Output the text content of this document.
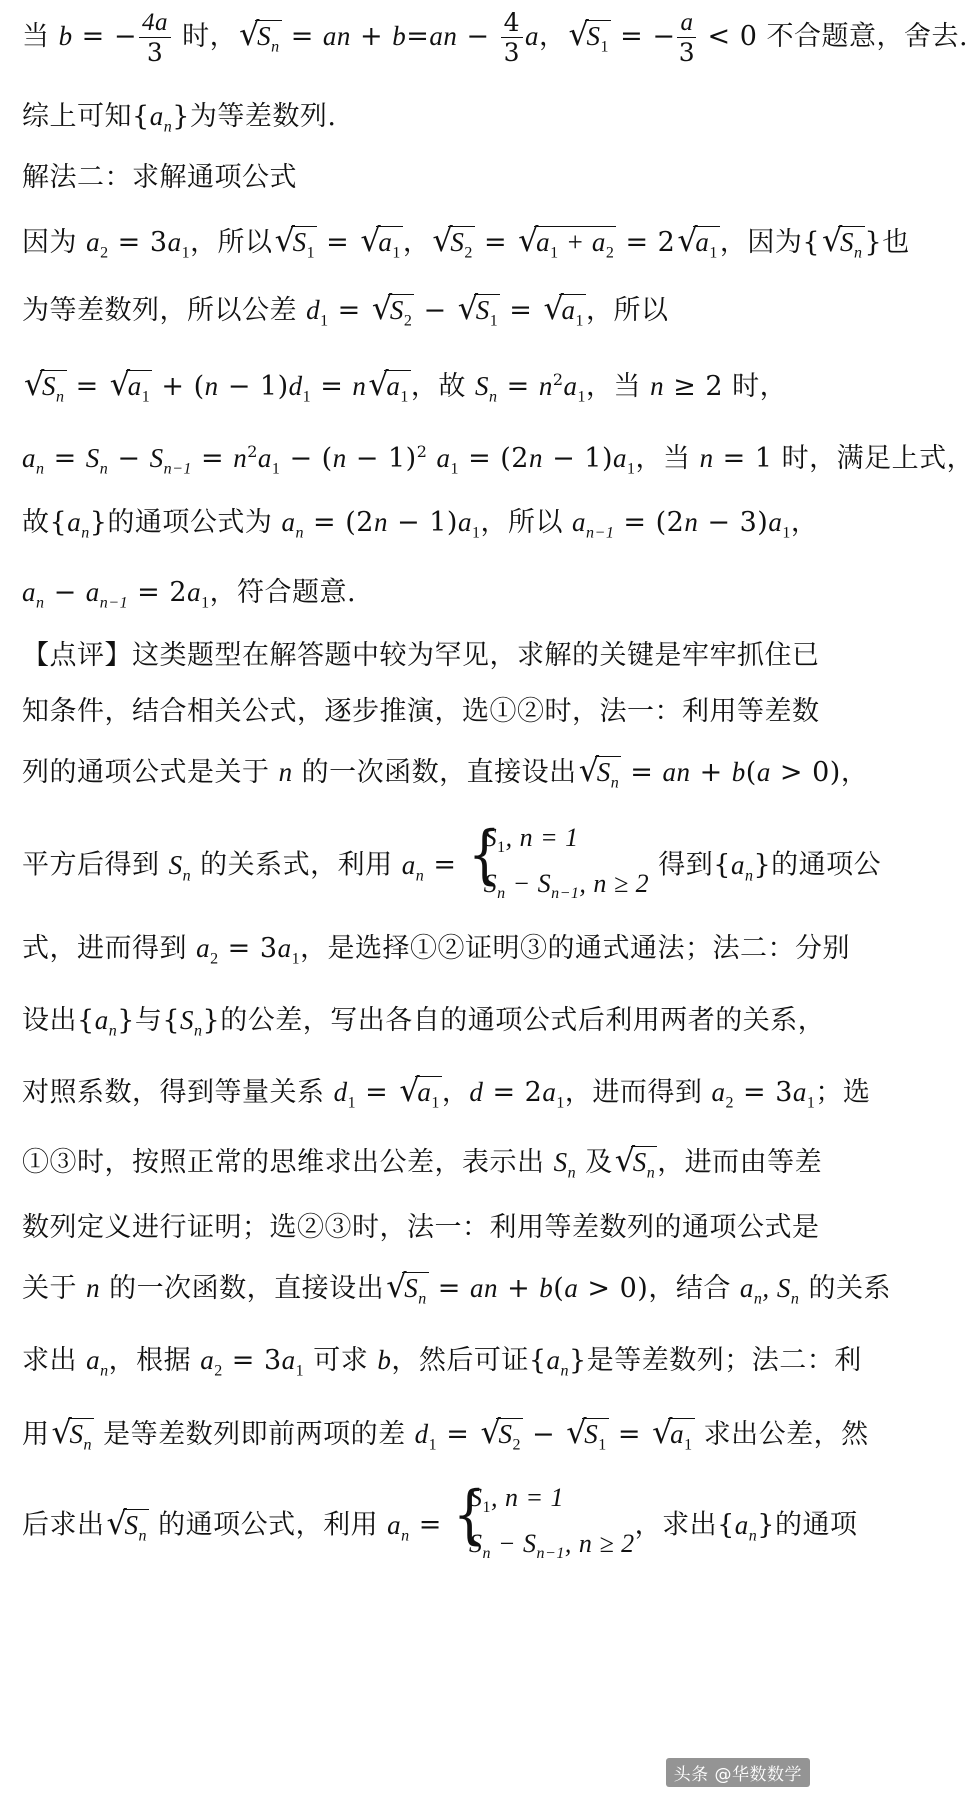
当 b = − $\frac{4a}{3}$ 时，√ $S_n$ = an + $b=an - \frac{4}{3}$ a，√ $S_1$ = − $\frac{a}{3} < 0$ 不合题意，舍去.
综上可知$\{a_n\}$为等差数列.
解法二：求解通项公式
因为 $a_2 = 3a_1$，所以√ $S_1$ = √ $a_1$，√ $S_2$ = √ $a_1 + a_2 = 2√$ $a_1$，因为{√ $S_n$}也
为等差数列，所以公差 $d_1$ = √ $S_2$ − √ $S_1$ = √ $a_1$，所以
√ $S_n$ = √ $a_1 + (n - 1)d_1 = n√$ $a_1$，故 $S_n = n^2a_1$，当 n ≥ 2 时，
$a_n = S_n - S_{n-1} = n^2a_1 - (n - 1)^2$ $a_1 = (2n - 1)a_1$，当 n = 1 时，满足上式，
故$\{a_n\}$的通项公式为 $a_n = (2n - 1)a_1$，所以 $a_{n-1} = (2n - 3)a_1$，
$a_n - a_{n-1} = 2a_1$，符合题意.
【点评】这类题型在解答题中较为罕见，求解的关键是牢牢抓住已
知条件，结合相关公式，逐步推演，选①②时，法一：利用等差数
列的通项公式是关于 n 的一次函数，直接设出√ $S_n$ = an + b(a > 0)，
平方后得到 $S_n$ 的关系式，利用 $a_n$ =
{ $S_1$, n = 1
$S_n - S_{n-1}$, n ≥ 2
得到$\{a_n\}$的通项公
式，进而得到 $a_2 = 3a_1$，是选择①②证明③的通式通法；法二：分别
设出$\{a_n\}$与$\{S_n\}$的公差，写出各自的通项公式后利用两者的关系，
对照系数，得到等量关系 $d_1$ = √ $a_1$，$d = 2a_1$，进而得到 $a_2 = 3a_1$；选
①③时，按照正常的思维求出公差，表示出 $S_n$ 及√ $S_n$，进而由等差
数列定义进行证明；选②③时，法一：利用等差数列的通项公式是
关于 n 的一次函数，直接设出√ $S_n$ = an + b(a > 0)，结合 $a_n$, $S_n$ 的关系
求出 $a_n$，根据 $a_2 = 3a_1$ 可求 b，然后可证$\{a_n\}$是等差数列；法二：利
用√ $S_n$ 是等差数列即前两项的差 $d_1$ = √ $S_2$ − √ $S_1$ = √ $a_1$ 求出公差，然
后求出√ $S_n$ 的通项公式，利用 $a_n$ =
{ $S_1$, n = 1
$S_n - S_{n-1}$, n ≥ 2
，求出$\{a_n\}$的通项
头条 @华数数学
